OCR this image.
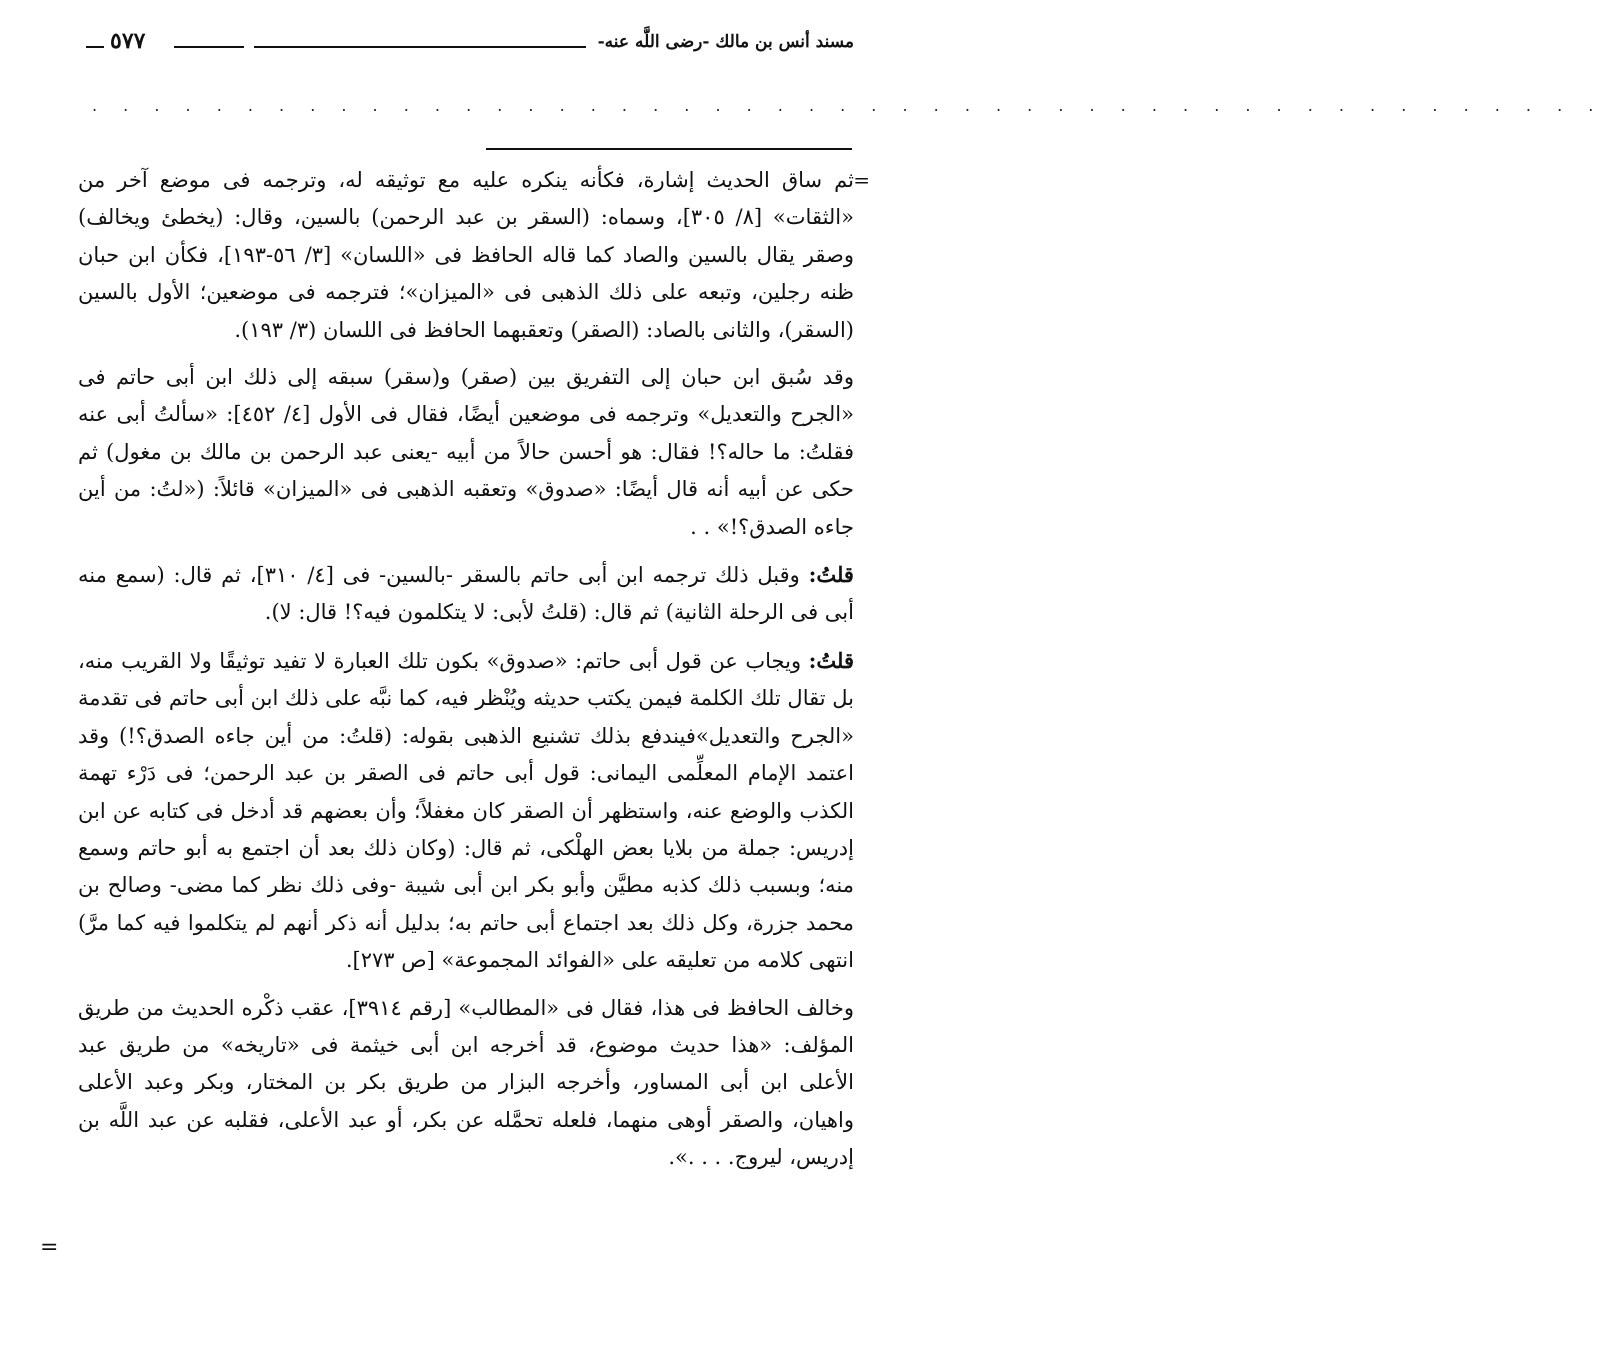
مسند أنس بن مالك -رضى اللَّه عنه-
٥٧٧
. . . . . . . . . . . . . . . . . . . . . . . . . . . . . . . . . . . . . . . . . . . . . . . . .

=
ثم ساق الحديث إشارة، فكأنه ينكره عليه مع توثيقه له، وترجمه فى موضع آخر من «الثقات» [٨/ ٣٠٥]، وسماه: (السقر بن عبد الرحمن) بالسين، وقال: (يخطئ ويخالف) وصقر يقال بالسين والصاد كما قاله الحافظ فى «اللسان» [٣/ ٥٦-١٩٣]، فكأن ابن حبان ظنه رجلين، وتبعه على ذلك الذهبى فى «الميزان»؛ فترجمه فى موضعين؛ الأول بالسين (السقر)، والثانى بالصاد: (الصقر) وتعقبهما الحافظ فى اللسان (٣/ ١٩٣).

وقد سُبق ابن حبان إلى التفريق بين (صقر) و(سقر) سبقه إلى ذلك ابن أبى حاتم فى «الجرح والتعديل» وترجمه فى موضعين أيضًا، فقال فى الأول [٤/ ٤٥٢]: «سألتُ أبى عنه فقلتُ: ما حاله؟! فقال: هو أحسن حالاً من أبيه -يعنى عبد الرحمن بن مالك بن مغول) ثم حكى عن أبيه أنه قال أيضًا: «صدوق» وتعقبه الذهبى فى «الميزان» قائلاً: («لتُ: من أين جاءه الصدق؟!» . .

قلتُ: وقبل ذلك ترجمه ابن أبى حاتم بالسقر -بالسين- فى [٤/ ٣١٠]، ثم قال: (سمع منه أبى فى الرحلة الثانية) ثم قال: (قلتُ لأبى: لا يتكلمون فيه؟! قال: لا).

قلتُ: ويجاب عن قول أبى حاتم: «صدوق» بكون تلك العبارة لا تفيد توثيقًا ولا القريب منه، بل تقال تلك الكلمة فيمن يكتب حديثه ويُنْظر فيه، كما نبَّه على ذلك ابن أبى حاتم فى تقدمة «الجرح والتعديل»فيندفع بذلك تشنيع الذهبى بقوله: (قلتُ: من أين جاءه الصدق؟!) وقد اعتمد الإمام المعلِّمى اليمانى: قول أبى حاتم فى الصقر بن عبد الرحمن؛ فى دَرْء تهمة الكذب والوضع عنه، واستظهر أن الصقر كان مغفلاً؛ وأن بعضهم قد أدخل فى كتابه عن ابن إدريس: جملة من بلايا بعض الهلْكى، ثم قال: (وكان ذلك بعد أن اجتمع به أبو حاتم وسمع منه؛ وبسبب ذلك كذبه مطيَّن وأبو بكر ابن أبى شيبة -وفى ذلك نظر كما مضى- وصالح بن محمد جزرة، وكل ذلك بعد اجتماع أبى حاتم به؛ بدليل أنه ذكر أنهم لم يتكلموا فيه كما مرَّ) انتهى كلامه من تعليقه على «الفوائد المجموعة» [ص ٢٧٣].

وخالف الحافظ فى هذا، فقال فى «المطالب» [رقم ٣٩١٤]، عقب ذكْره الحديث من طريق المؤلف: «هذا حديث موضوع، قد أخرجه ابن أبى خيثمة فى «تاريخه» من طريق عبد الأعلى ابن أبى المساور، وأخرجه البزار من طريق بكر بن المختار، وبكر وعبد الأعلى واهيان، والصقر أوهى منهما، فلعله تحمَّله عن بكر، أو عبد الأعلى، فقلبه عن عبد اللَّه بن إدريس، ليروج. . . .».

=
